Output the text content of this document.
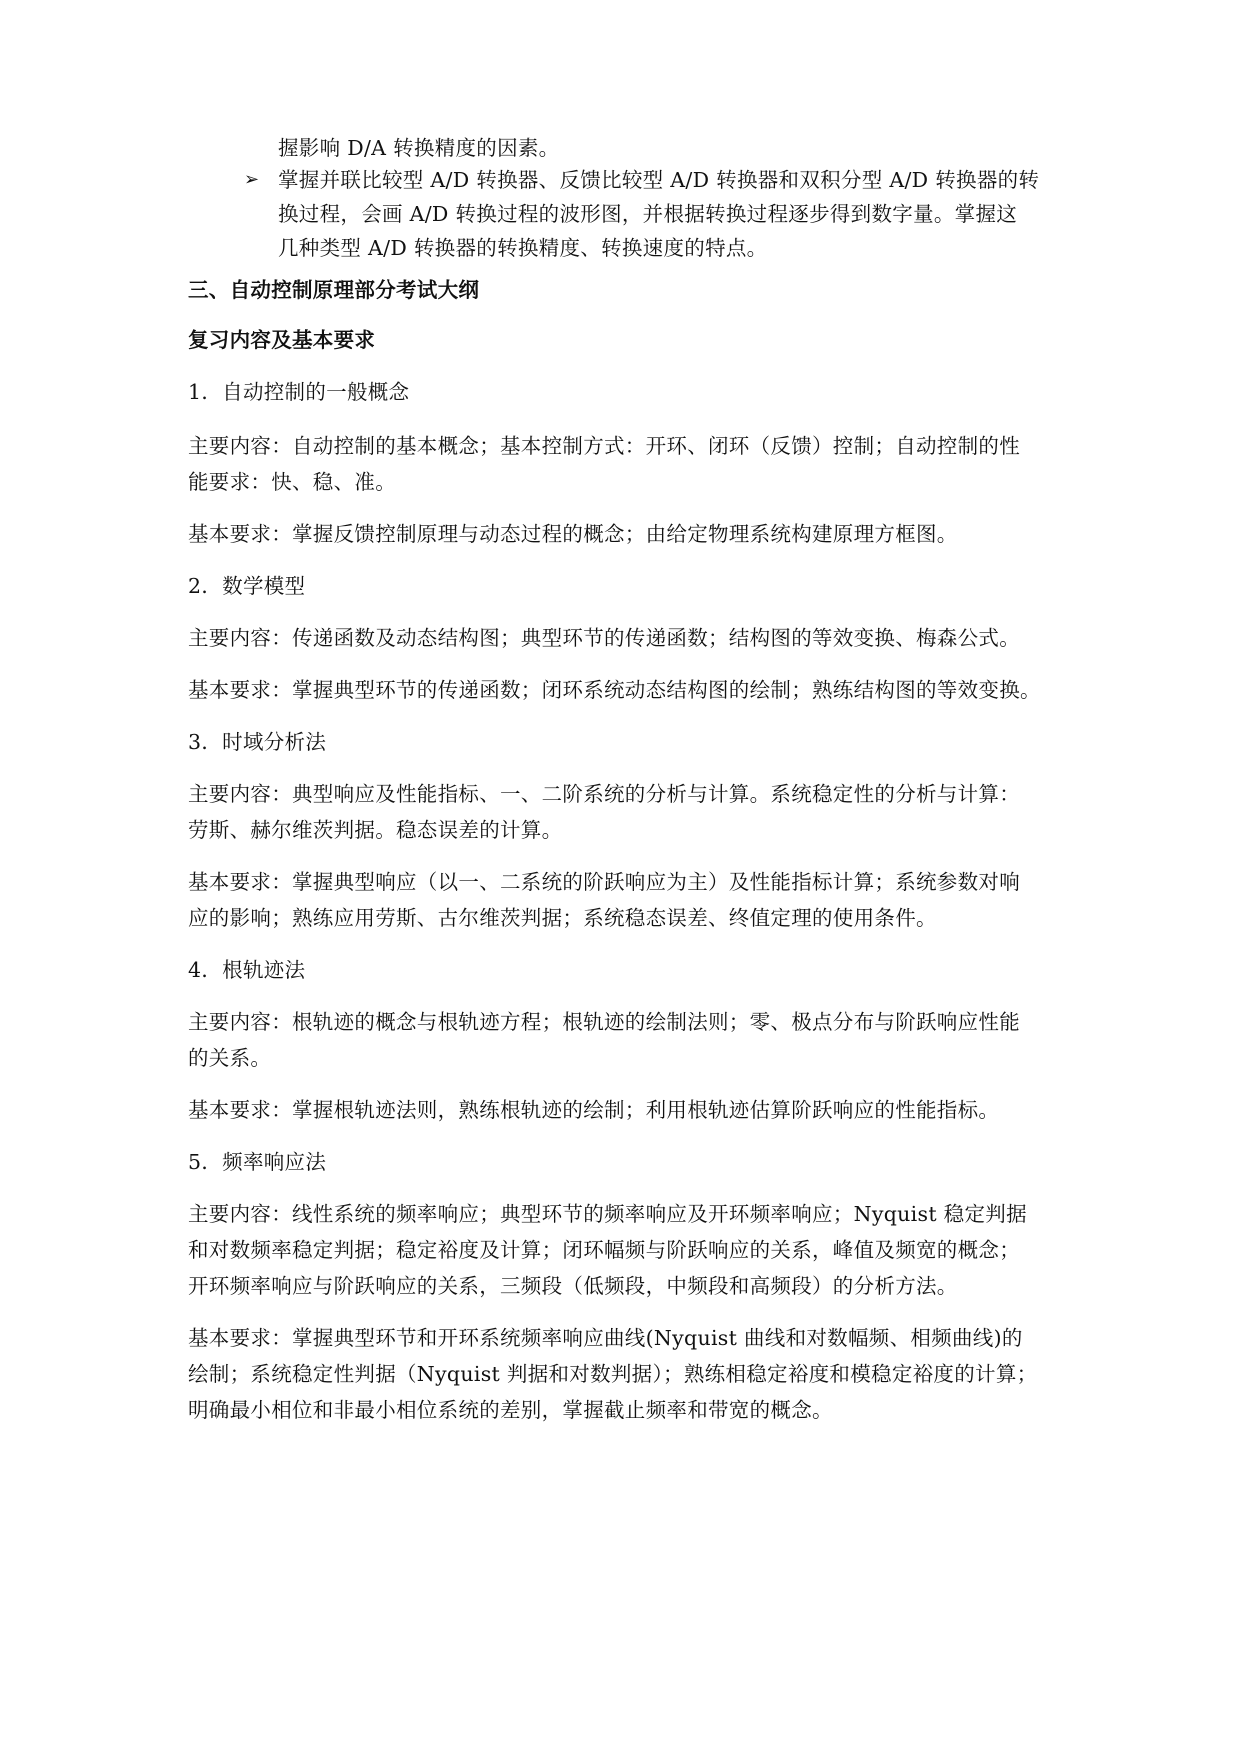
握影响 D/A 转换精度的因素。
➢ 掌握并联比较型 A/D 转换器、反馈比较型 A/D 转换器和双积分型 A/D 转换器的转
换过程，会画 A/D 转换过程的波形图，并根据转换过程逐步得到数字量。掌握这
几种类型 A/D 转换器的转换精度、转换速度的特点。
三、自动控制原理部分考试大纲
复习内容及基本要求
1．自动控制的一般概念
主要内容：自动控制的基本概念；基本控制方式：开环、闭环（反馈）控制；自动控制的性
能要求：快、稳、准。
基本要求：掌握反馈控制原理与动态过程的概念；由给定物理系统构建原理方框图。
2．数学模型
主要内容：传递函数及动态结构图；典型环节的传递函数；结构图的等效变换、梅森公式。
基本要求：掌握典型环节的传递函数；闭环系统动态结构图的绘制；熟练结构图的等效变换。
3．时域分析法
主要内容：典型响应及性能指标、一、二阶系统的分析与计算。系统稳定性的分析与计算：
劳斯、赫尔维茨判据。稳态误差的计算。
基本要求：掌握典型响应（以一、二系统的阶跃响应为主）及性能指标计算；系统参数对响
应的影响；熟练应用劳斯、古尔维茨判据；系统稳态误差、终值定理的使用条件。
4．根轨迹法
主要内容：根轨迹的概念与根轨迹方程；根轨迹的绘制法则；零、极点分布与阶跃响应性能
的关系。
基本要求：掌握根轨迹法则，熟练根轨迹的绘制；利用根轨迹估算阶跃响应的性能指标。
5．频率响应法
主要内容：线性系统的频率响应；典型环节的频率响应及开环频率响应；Nyquist 稳定判据
和对数频率稳定判据；稳定裕度及计算；闭环幅频与阶跃响应的关系，峰值及频宽的概念；
开环频率响应与阶跃响应的关系，三频段（低频段，中频段和高频段）的分析方法。
基本要求：掌握典型环节和开环系统频率响应曲线(Nyquist 曲线和对数幅频、相频曲线)的
绘制；系统稳定性判据（Nyquist 判据和对数判据）；熟练相稳定裕度和模稳定裕度的计算；
明确最小相位和非最小相位系统的差别，掌握截止频率和带宽的概念。
